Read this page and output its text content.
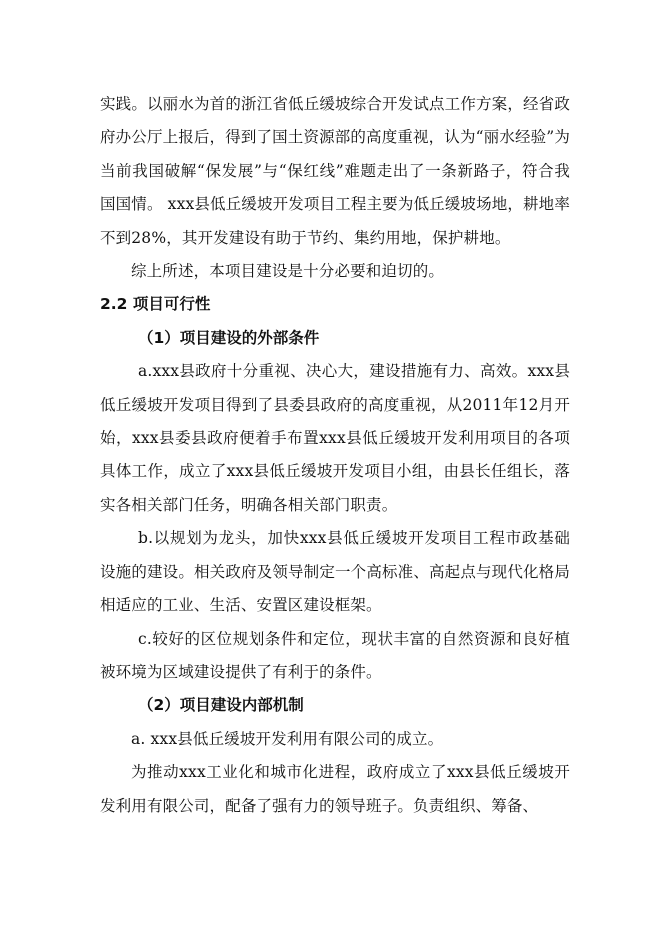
实践。以丽水为首的浙江省低丘缓坡综合开发试点工作方案，经省政府办公厅上报后，得到了国土资源部的高度重视，认为“丽水经验”为当前我国破解“保发展”与“保红线”难题走出了一条新路子，符合我国国情。 xxx县低丘缓坡开发项目工程主要为低丘缓坡场地，耕地率不到28%，其开发建设有助于节约、集约用地，保护耕地。

综上所述，本项目建设是十分必要和迫切的。

2.2 项目可行性

（1）项目建设的外部条件

a.xxx县政府十分重视、决心大，建设措施有力、高效。xxx县低丘缓坡开发项目得到了县委县政府的高度重视，从2011年12月开始，xxx县委县政府便着手布置xxx县低丘缓坡开发利用项目的各项具体工作，成立了xxx县低丘缓坡开发项目小组，由县长任组长，落实各相关部门任务，明确各相关部门职责。

b.以规划为龙头，加快xxx县低丘缓坡开发项目工程市政基础设施的建设。相关政府及领导制定一个高标准、高起点与现代化格局相适应的工业、生活、安置区建设框架。

c.较好的区位规划条件和定位，现状丰富的自然资源和良好植被环境为区域建设提供了有利于的条件。

（2）项目建设内部机制

a. xxx县低丘缓坡开发利用有限公司的成立。

为推动xxx工业化和城市化进程，政府成立了xxx县低丘缓坡开发利用有限公司，配备了强有力的领导班子。负责组织、筹备、
